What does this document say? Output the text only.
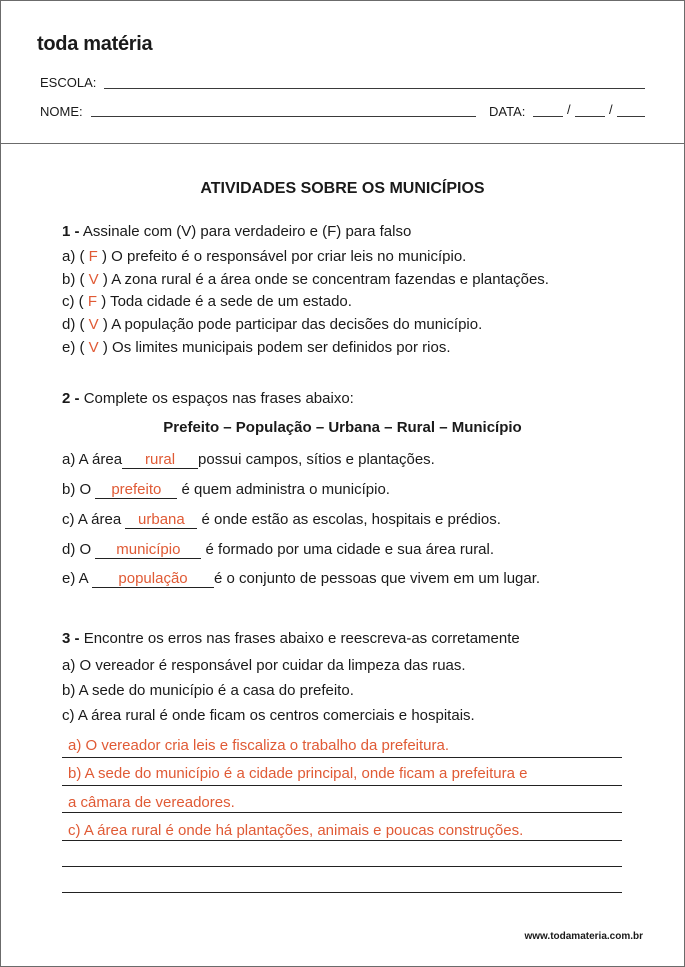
toda matéria
ESCOLA:
NOME:	DATA:	/	/
ATIVIDADES SOBRE OS MUNICÍPIOS
1 - Assinale com (V) para verdadeiro e (F) para falso
a) ( F ) O prefeito é o responsável por criar leis no município.
b) ( V ) A zona rural é a área onde se concentram fazendas e plantações.
c) ( F ) Toda cidade é a sede de um estado.
d) ( V ) A população pode participar das decisões do município.
e) ( V ) Os limites municipais podem ser definidos por rios.
2 - Complete os espaços nas frases abaixo:
Prefeito – População – Urbana – Rural – Município
a) A área rural possui campos, sítios e plantações.
b) O prefeito é quem administra o município.
c) A área urbana é onde estão as escolas, hospitais e prédios.
d) O município é formado por uma cidade e sua área rural.
e) A população é o conjunto de pessoas que vivem em um lugar.
3 - Encontre os erros nas frases abaixo e reescreva-as corretamente
a) O vereador é responsável por cuidar da limpeza das ruas.
b) A sede do município é a casa do prefeito.
c) A área rural é onde ficam os centros comerciais e hospitais.
a) O vereador cria leis e fiscaliza o trabalho da prefeitura.
b) A sede do município é a cidade principal, onde ficam a prefeitura e
a câmara de vereadores.
c) A área rural é onde há plantações, animais e poucas construções.
www.todamateria.com.br
